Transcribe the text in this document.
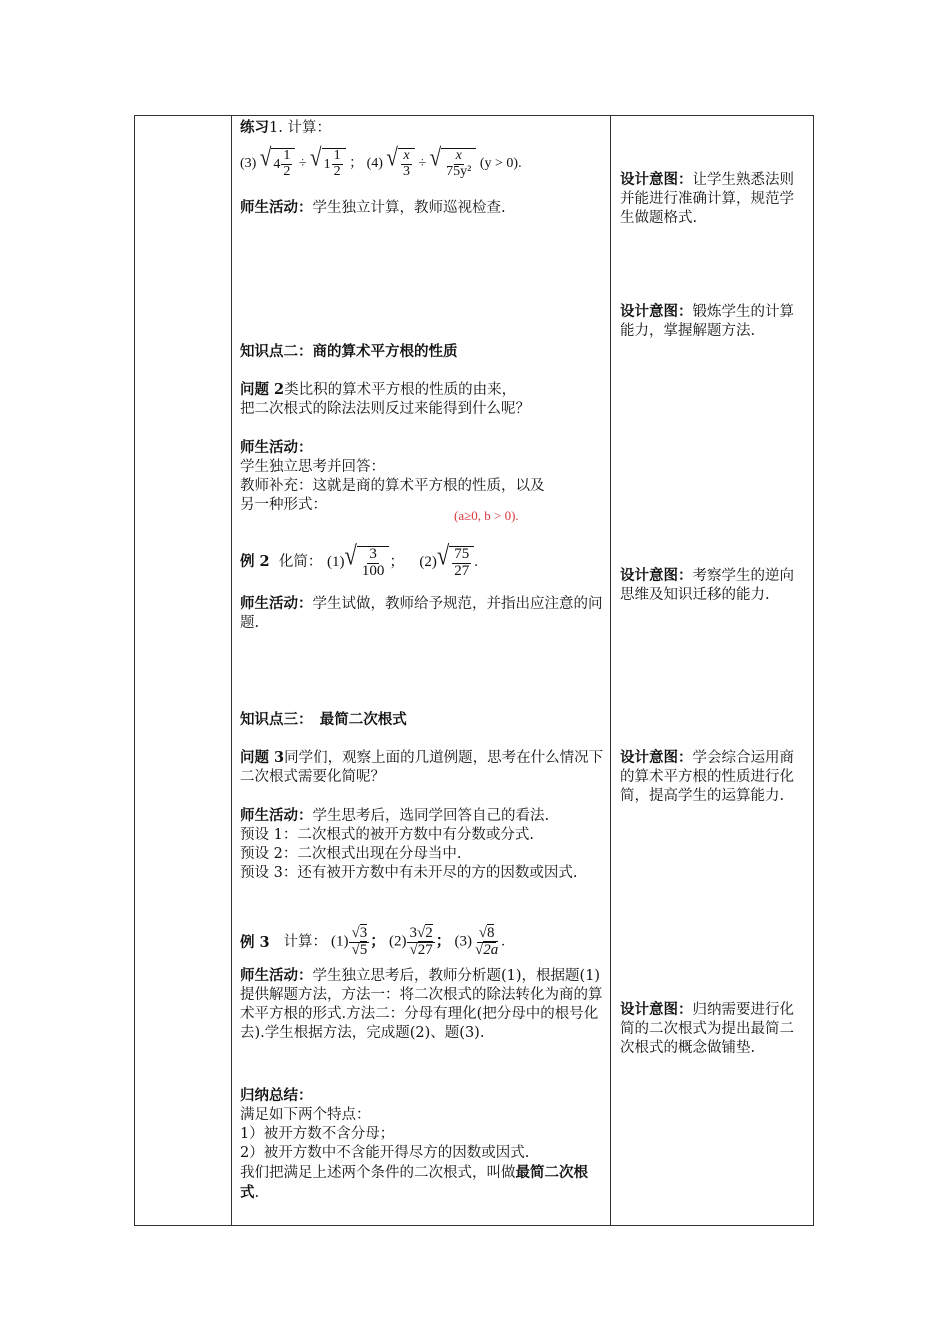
练习1. 计算：
(3) √ $4 \frac{1}{2}$ ÷ √ $1 \frac{1}{2}$ ； (4) √ $\frac{x}{3}$ ÷ √ $\frac{x}{\text{75y²}} (y > 0)$.
师生活动：学生独立计算，教师巡视检查.
知识点二：商的算术平方根的性质
问题 2类比积的算术平方根的性质的由来，
把二次根式的除法法则反过来能得到什么呢？
师生活动：
学生独立思考并回答：
教师补充：这就是商的算术平方根的性质，以及
另一种形式：
(a≥0, b > 0).
例 2 化简： (1) √ $\frac{3}{100}$ ； (2) √ $\frac{75}{27}$ .
师生活动：学生试做，教师给予规范，并指出应注意的问题.
知识点三：　最简二次根式
问题 3同学们，观察上面的几道例题，思考在什么情况下二次根式需要化简呢？
师生活动：学生思考后，选同学回答自己的看法.
预设 1：二次根式的被开方数中有分数或分式.
预设 2：二次根式出现在分母当中.
预设 3：还有被开方数中有未开尽的方的因数或因式.
例 3
计算： $(1) \frac{√3}{√5}$ ； $(2) \frac{3√2}{√27}$ ； $(3) \frac{√8}{√2a}$ .
师生活动：学生独立思考后，教师分析题(1)，根据题(1)提供解题方法，方法一：将二次根式的除法转化为商的算术平方根的形式.方法二：分母有理化(把分母中的根号化去).学生根据方法，完成题(2)、题(3).
归纳总结：
满足如下两个特点：
1）被开方数不含分母；
2）被开方数中不含能开得尽方的因数或因式.
我们把满足上述两个条件的二次根式，叫做最简二次根式.
设计意图：让学生熟悉法则并能进行准确计算，规范学生做题格式.
设计意图：锻炼学生的计算能力，掌握解题方法.
设计意图：考察学生的逆向思维及知识迁移的能力.
设计意图：学会综合运用商的算术平方根的性质进行化简，提高学生的运算能力.
设计意图：归纳需要进行化简的二次根式为提出最简二次根式的概念做铺垫.
